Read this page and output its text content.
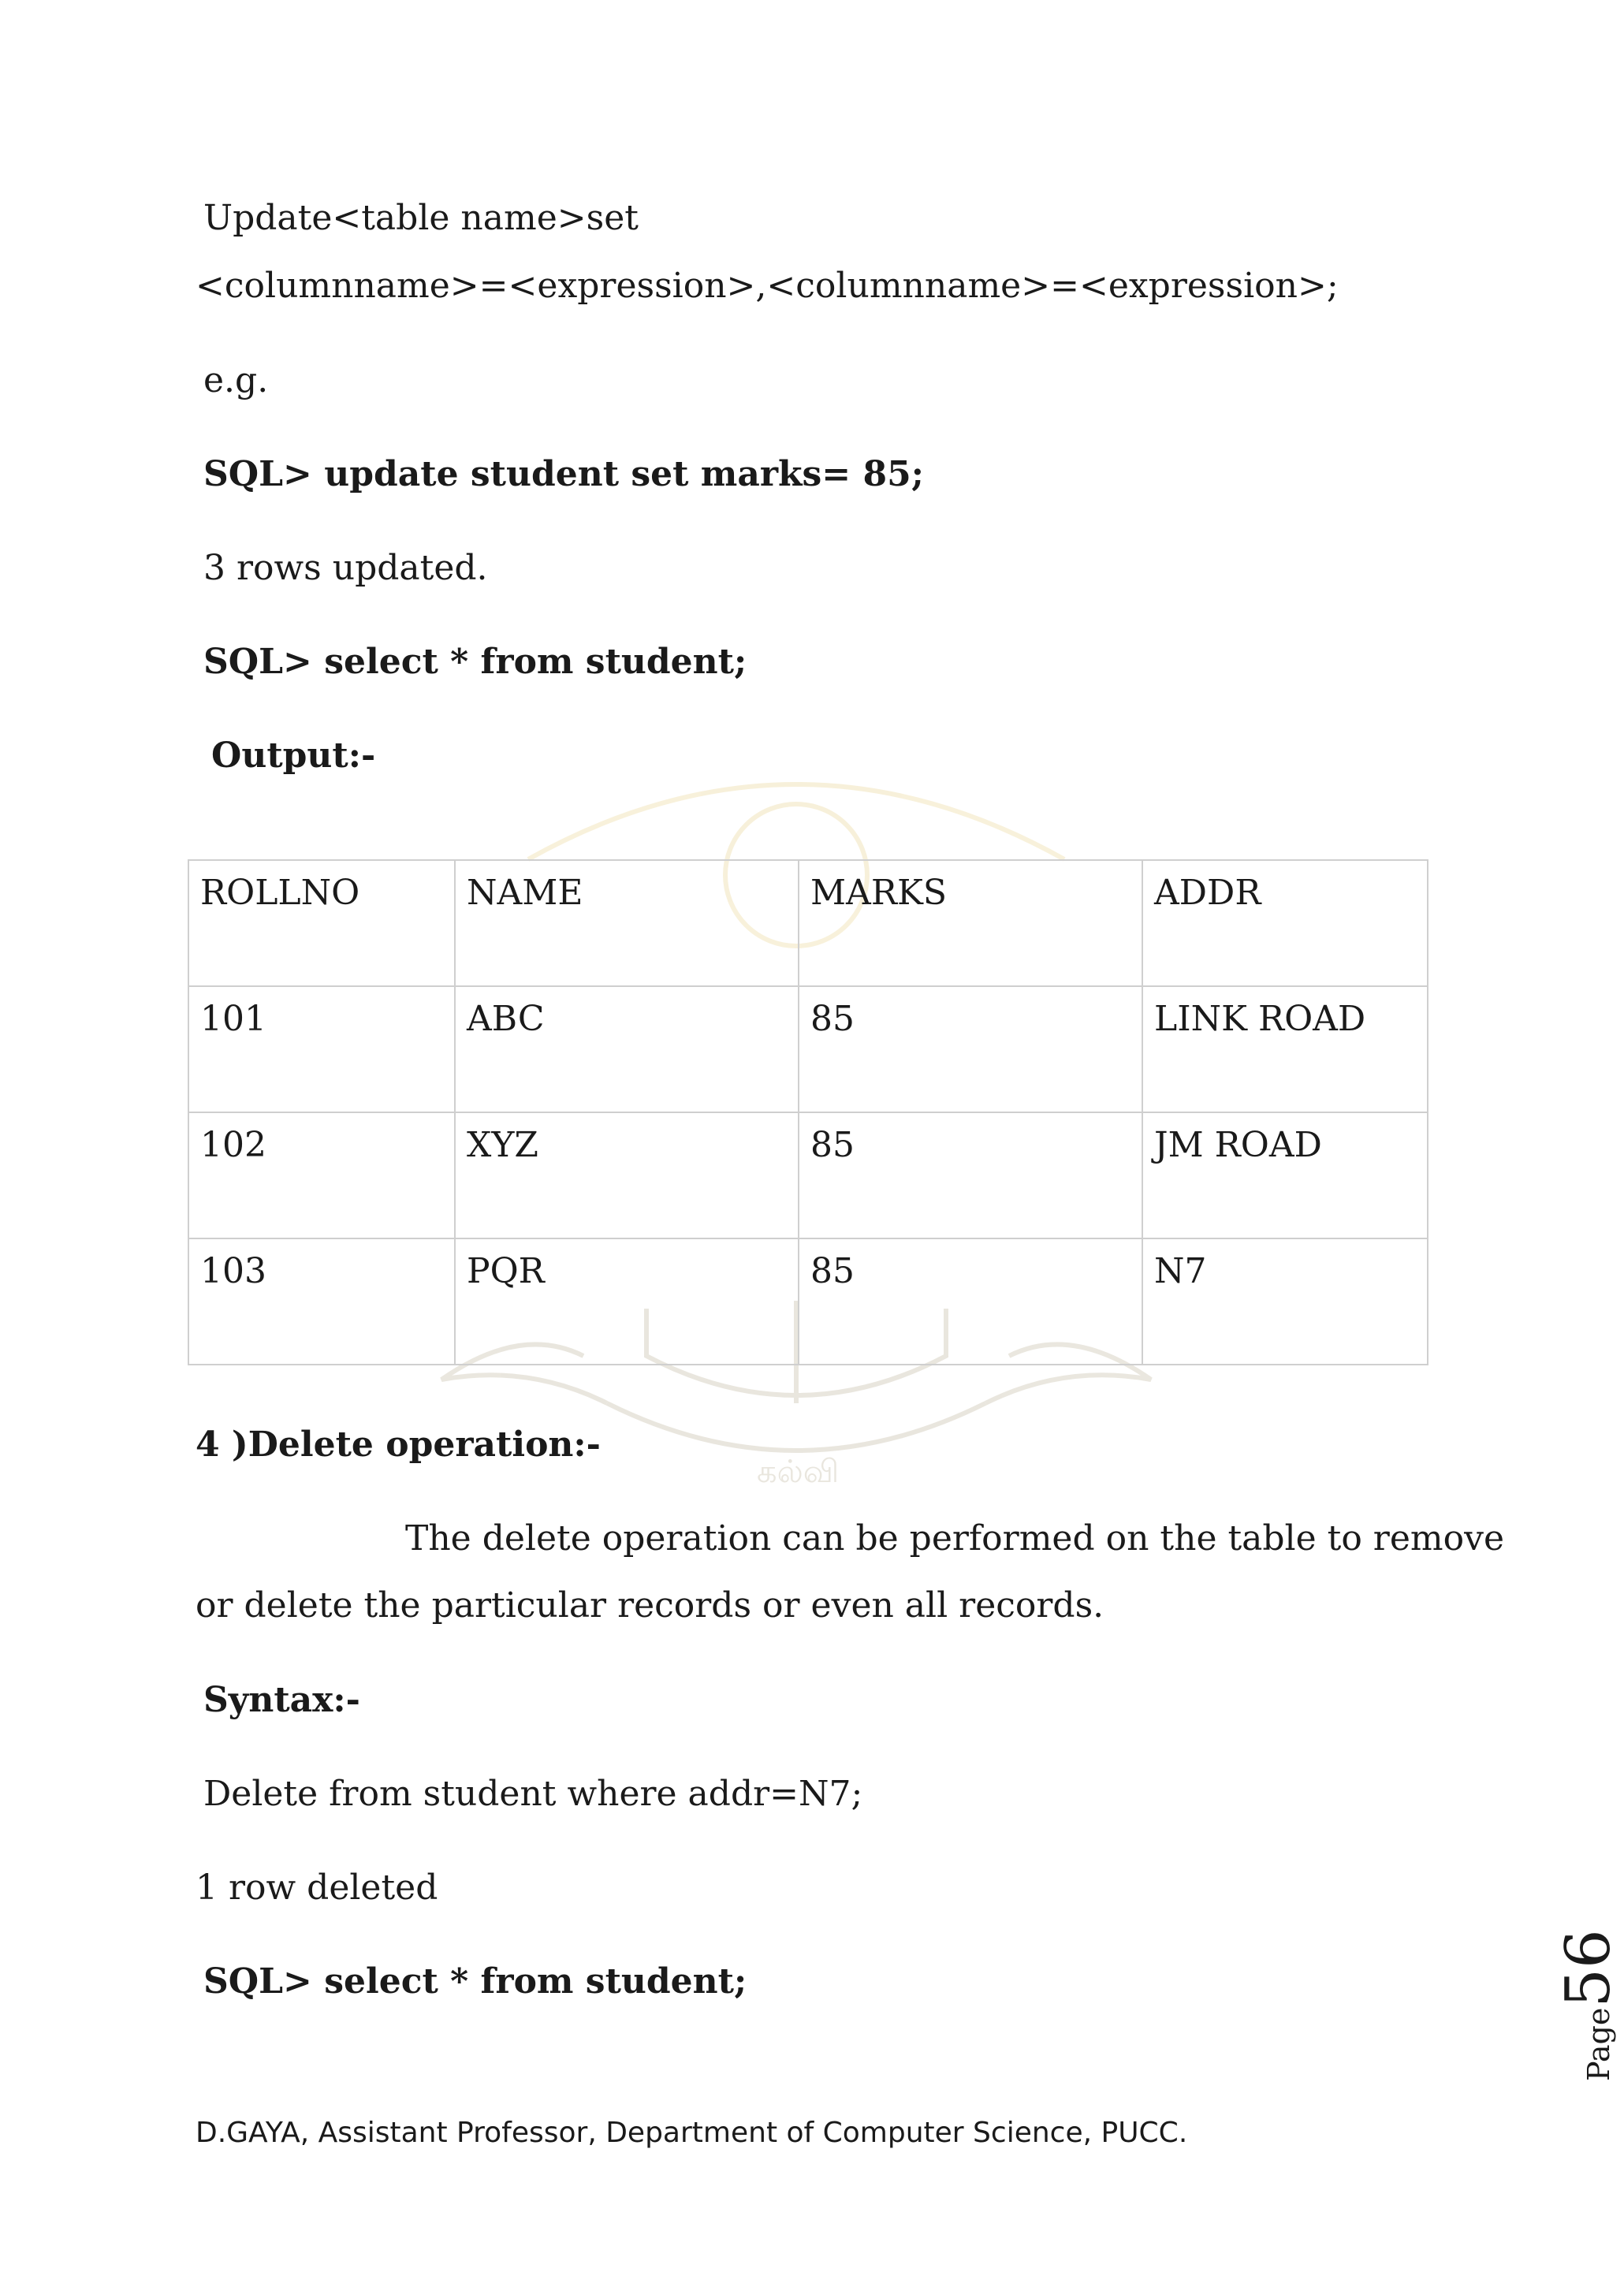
கல்வி
Update<table name>set
<columnname>=<expression>,<columnname>=<expression>;
e.g.
SQL> update student set marks= 85;
3 rows updated.
SQL> select * from student;
Output:-
ROLLNO	NAME	MARKS	ADDR
101	ABC	85	LINK ROAD
102	XYZ	85	JM ROAD
103	PQR	85	N7
4 )Delete operation:-
The delete operation can be performed on the table to remove
or delete the particular records or even all records.
Syntax:-
Delete from student where addr=N7;
1 row deleted
SQL> select * from student;
Page56
D.GAYA, Assistant Professor, Department of Computer Science, PUCC.
